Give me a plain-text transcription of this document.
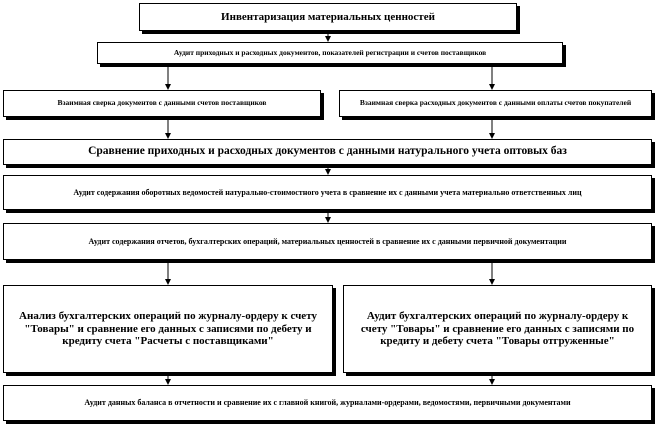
Инвентаризация материальных ценностей
Аудит приходных и расходных документов, показателей регистрации и счетов поставщиков
Взаимная сверка документов с данными счетов поставщиков	Взаимная сверка расходных документов с данными оплаты счетов покупателей
Сравнение приходных и расходных документов с данными натурального учета оптовых баз
Аудит содержания оборотных ведомостей натурально-стоимостного учета в сравнение их с данными учета материально ответственных лиц
Аудит содержания отчетов, бухгалтерских операций, материальных ценностей в сравнение их с данными первичной документации
Анализ бухгалтерских операций по журналу-ордеру к счету "Товары" и сравнение его данных с записями по дебету и кредиту счета "Расчеты с поставщиками"
Аудит бухгалтерских операций по журналу-ордеру к счету "Товары" и сравнение его данных с записями по кредиту и дебету счета "Товары отгруженные"
Аудит данных баланса в отчетности и сравнение их с главной книгой, журналами-ордерами, ведомостями, первичными документами
